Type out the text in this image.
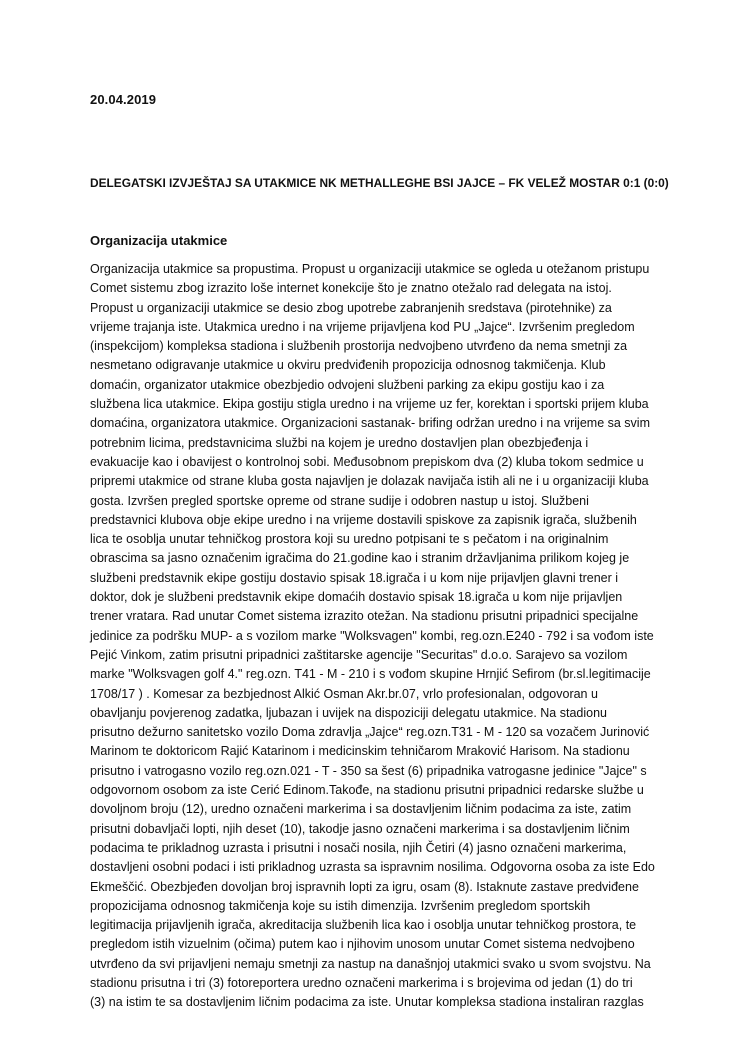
20.04.2019
DELEGATSKI IZVJEŠTAJ SA UTAKMICE NK METHALLEGHE BSI JAJCE – FK VELEŽ MOSTAR 0:1 (0:0)
Organizacija utakmice
Organizacija utakmice sa propustima. Propust u organizaciji utakmice se ogleda u otežanom pristupu
Comet sistemu zbog izrazito loše internet konekcije što je znatno otežalo rad delegata na istoj.
Propust u organizaciji utakmice se desio zbog upotrebe zabranjenih sredstava (pirotehnike) za
vrijeme trajanja iste. Utakmica uredno i na vrijeme prijavljena kod PU „Jajce“. Izvršenim pregledom
(inspekcijom) kompleksa stadiona i službenih prostorija nedvojbeno utvrđeno da nema smetnji za
nesmetano odigravanje utakmice u okviru predviđenih propozicija odnosnog takmičenja. Klub
domaćin, organizator utakmice obezbjedio odvojeni službeni parking za ekipu gostiju kao i za
službena lica utakmice. Ekipa gostiju stigla uredno i na vrijeme uz fer, korektan i sportski prijem kluba
domaćina, organizatora utakmice. Organizacioni sastanak- brifing održan uredno i na vrijeme sa svim
potrebnim licima, predstavnicima službi na kojem je uredno dostavljen plan obezbjeđenja i
evakuacije kao i obavijest o kontrolnoj sobi. Međusobnom prepiskom dva (2) kluba tokom sedmice u
pripremi utakmice od strane kluba gosta najavljen je dolazak navijača istih ali ne i u organizaciji kluba
gosta. Izvršen pregled sportske opreme od strane sudije i odobren nastup u istoj. Službeni
predstavnici klubova obje ekipe uredno i na vrijeme dostavili spiskove za zapisnik igrača, službenih
lica te osoblja unutar tehničkog prostora koji su uredno potpisani te s pečatom i na originalnim
obrascima sa jasno označenim igračima do 21.godine kao i stranim državljanima prilikom kojeg je
službeni predstavnik ekipe gostiju dostavio spisak 18.igrača i u kom nije prijavljen glavni trener i
doktor, dok je službeni predstavnik ekipe domaćih dostavio spisak 18.igrača u kom nije prijavljen
trener vratara. Rad unutar Comet sistema izrazito otežan. Na stadionu prisutni pripadnici specijalne
jedinice za podršku MUP- a s vozilom marke "Wolksvagen" kombi, reg.ozn.E240 - 792 i sa vođom iste
Pejić Vinkom, zatim prisutni pripadnici zaštitarske agencije "Securitas" d.o.o. Sarajevo sa vozilom
marke "Wolksvagen golf 4." reg.ozn. T41 - M - 210 i s vođom skupine Hrnjić Sefirom (br.sl.legitimacije
1708/17 ) . Komesar za bezbjednost Alkić Osman Akr.br.07, vrlo profesionalan, odgovoran u
obavljanju povjerenog zadatka, ljubazan i uvijek na dispoziciji delegatu utakmice. Na stadionu
prisutno dežurno sanitetsko vozilo Doma zdravlja „Jajce“ reg.ozn.T31 - M - 120 sa vozačem Jurinović
Marinom te doktoricom Rajić Katarinom i medicinskim tehničarom Mraković Harisom. Na stadionu
prisutno i vatrogasno vozilo reg.ozn.021 - T - 350 sa šest (6) pripadnika vatrogasne jedinice "Jajce" s
odgovornom osobom za iste Cerić Edinom.Takođe, na stadionu prisutni pripadnici redarske službe u
dovoljnom broju (12), uredno označeni markerima i sa dostavljenim ličnim podacima za iste, zatim
prisutni dobavljači lopti, njih deset (10), takodje jasno označeni markerima i sa dostavljenim ličnim
podacima te prikladnog uzrasta i prisutni i nosači nosila, njih Četiri (4) jasno označeni markerima,
dostavljeni osobni podaci i isti prikladnog uzrasta sa ispravnim nosilima. Odgovorna osoba za iste Edo
Ekmeščić. Obezbjeđen dovoljan broj ispravnih lopti za igru, osam (8). Istaknute zastave predviđene
propozicijama odnosnog takmičenja koje su istih dimenzija. Izvršenim pregledom sportskih
legitimacija prijavljenih igrača, akreditacija službenih lica kao i osoblja unutar tehničkog prostora, te
pregledom istih vizuelnim (očima) putem kao i njihovim unosom unutar Comet sistema nedvojbeno
utvrđeno da svi prijavljeni nemaju smetnji za nastup na današnjoj utakmici svako u svom svojstvu. Na
stadionu prisutna i tri (3) fotoreportera uredno označeni markerima i s brojevima od jedan (1) do tri
(3) na istim te sa dostavljenim ličnim podacima za iste. Unutar kompleksa stadiona instaliran razglas
